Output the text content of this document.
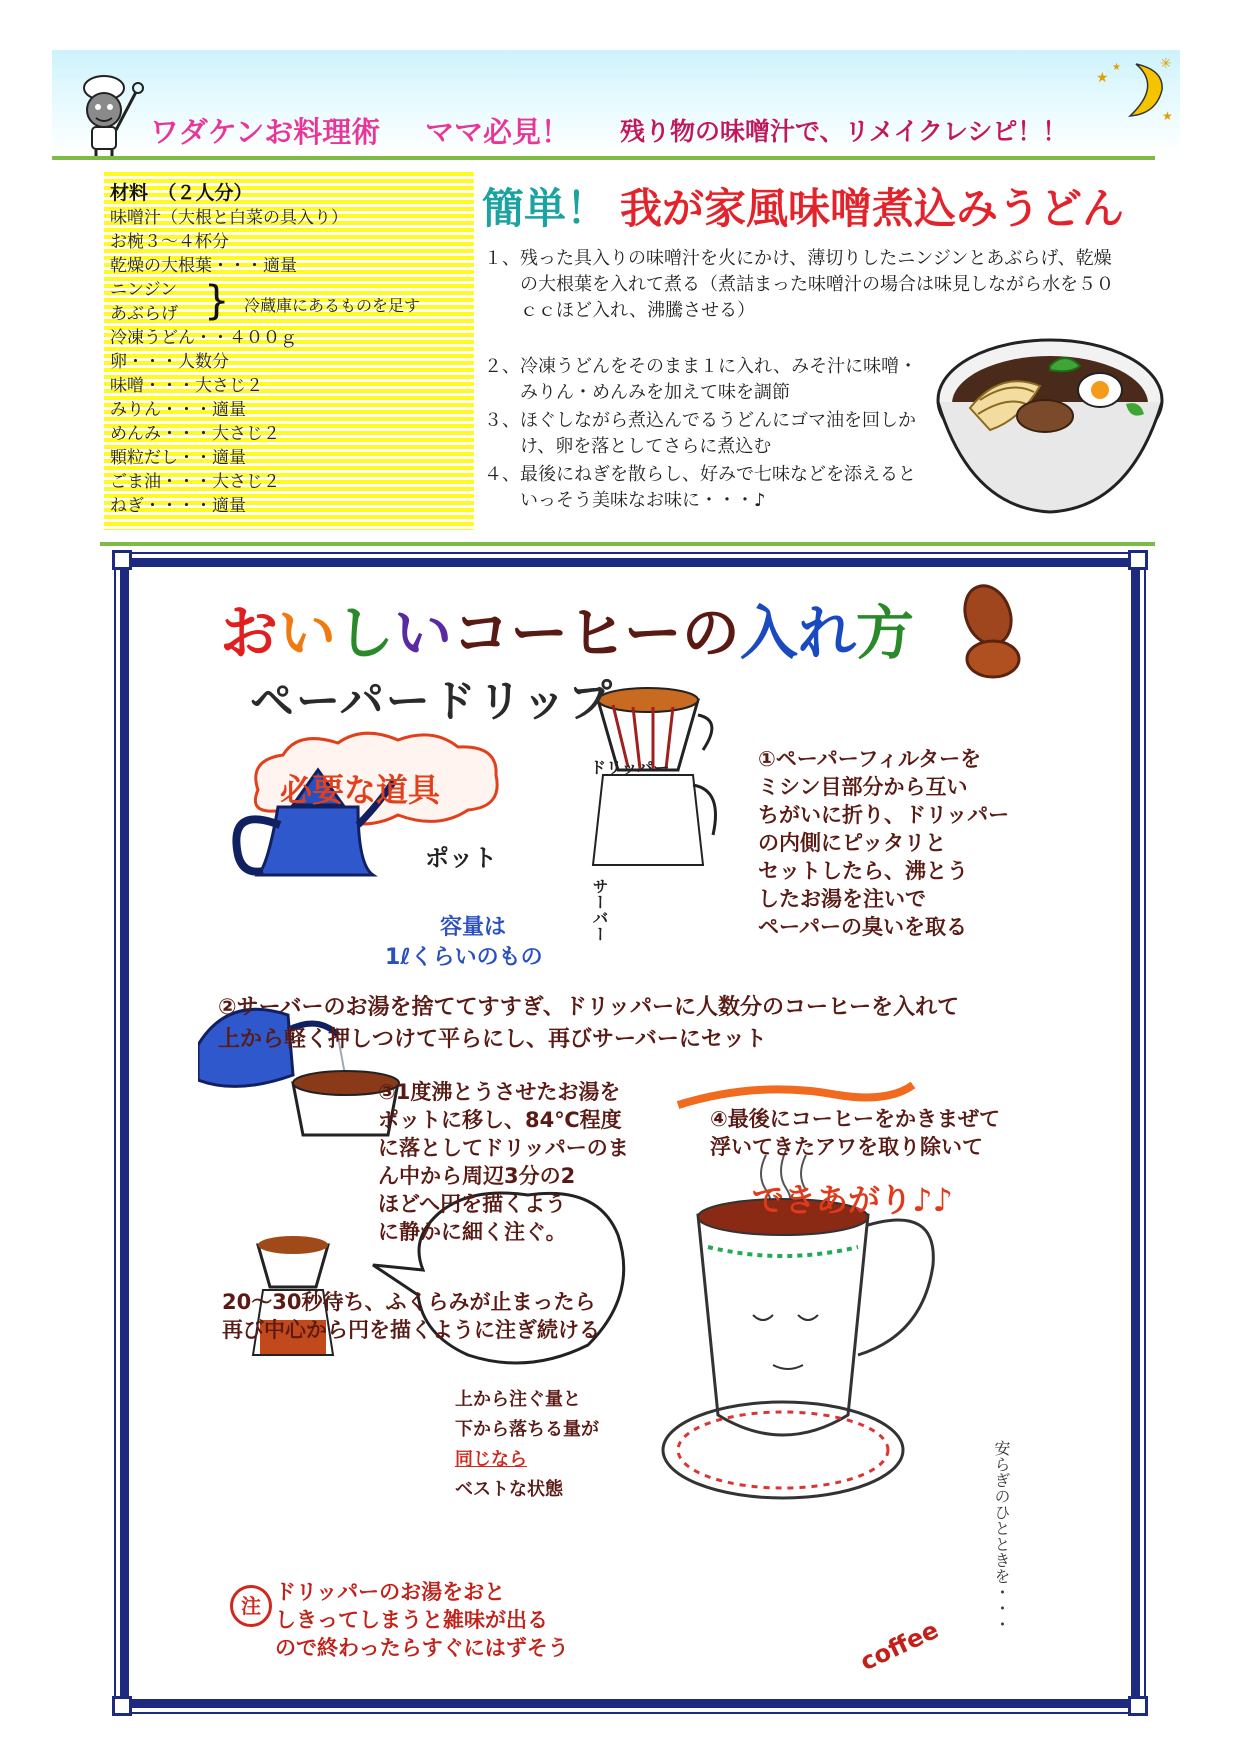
ワダケンお料理術 ママ必見！ 残り物の味噌汁で、リメイクレシピ！！
★
★	✳
★
材料　（２人分）
味噌汁（大根と白菜の具入り）
お椀３〜４杯分
乾燥の大根葉・・・適量
ニンジン
あぶらげ
冷凍うどん・・４００ｇ
卵・・・人数分
味噌・・・大さじ２
みりん・・・適量
めんみ・・・大さじ２
顆粒だし・・適量
ごま油・・・大さじ２
ねぎ・・・・適量
} 冷蔵庫にあるものを足す
簡単！ 我が家風味噌煮込みうどん
１、 残った具入りの味噌汁を火にかけ、薄切りしたニンジンとあぶらげ、乾燥の大根葉を入れて煮る（煮詰まった味噌汁の場合は味見しながら水を５０ｃｃほど入れ、沸騰させる）
２、 冷凍うどんをそのまま１に入れ、みそ汁に味噌・みりん・めんみを加えて味を調節
３、 ほぐしながら煮込んでるうどんにゴマ油を回しかけ、卵を落としてさらに煮込む
４、 最後にねぎを散らし、好みで七味などを添えるといっそう美味なお味に・・・♪
おいしいコーヒーの入れ方
ペーパードリップ
必要な道具
ポット
容量は
1ℓくらいのもの
ドリッパー
サーバー
①ペーパーフィルターを
ミシン目部分から互い
ちがいに折り、ドリッパー
の内側にピッタリと
セットしたら、沸とう
したお湯を注いで
ペーパーの臭いを取る
②サーバーのお湯を捨ててすすぎ、ドリッパーに人数分のコーヒーを入れて
上から軽く押しつけて平らにし、再びサーバーにセット
③1度沸とうさせたお湯を
ポットに移し、84℃程度
に落としてドリッパーのま
ん中から周辺3分の2
ほどへ円を描くよう
に静かに細く注ぐ。
20〜30秒待ち、ふくらみが止まったら
再び中心から円を描くように注ぎ続ける
④最後にコーヒーをかきまぜて
浮いてきたアワを取り除いて
できあがり♪♪
上から注ぐ量と
下から落ちる量が
同じなら
ベストな状態
注
ドリッパーのお湯をおと
しきってしまうと雑味が出る
ので終わったらすぐにはずそう	coffee
安らぎのひとときを・・・
